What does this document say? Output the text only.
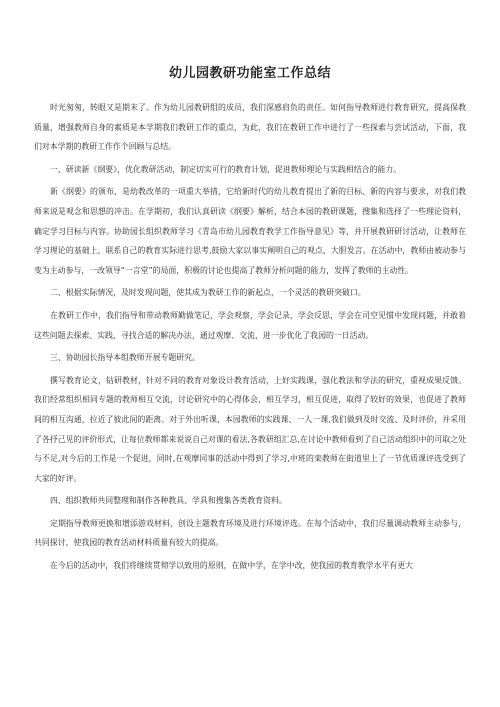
幼儿园教研功能室工作总结

时光匆匆，转眼又是期末了。作为幼儿园教研组的成员，我们深感肩负的责任。如何指导教师进行教育研究，提高保教质量，增强教师自身的素质是本学期我们教研工作的重点，为此，我们在教研工作中进行了一些探索与尝试活动，下面，我们对本学期的教研工作作个回顾与总结。

一、研读新《纲要》，优化教研活动，制定切实可行的教育计划，促进教师理论与实践相结合的能力。

新《纲要》的颁布，是幼教改革的一项重大举措，它给新时代的幼儿教育提出了新的目标、新的内容与要求，对我们教师来说是观念和思想的冲击。在学期初，我们认真研读《纲要》解析，结合本园的教研课题，搜集和选择了一些理论资料，确定学习目标与内容。协助园长组织教师学习《青岛市幼儿园教育教学工作指导意见》等，并开展教研研讨活动，让教师在学习理论的基础上，联系自己的教育实际进行思考,鼓励大家以事实阐明自己的观点，大胆发言。在活动中，教师由被动参与变为主动参与，一改领导“一言堂”的局面，积极的讨论也提高了教师分析问题的能力，发挥了教师的主动性。

二、根据实际情况，及时发现问题，使其成为教研工作的新起点，一个灵活的教研突破口。

在教研工作中，我们指导和带动教师勤做笔记，学会观察，学会记录，学会反思，学会在司空见惯中发现问题，并敢着这些问题去探索、实践，寻找合适的解决办法，通过观摩、交流，进一步优化了我园的一日活动。

三、协助园长指导本组教师开展专题研究。

撰写教育论文，钻研教材，针对不同的教育对象设计教育活动，上好实践课，强化教法和学法的研究，重视成果反馈。我们经常组织相同专题的教师相互交流，讨论研究中的心得体会，相互学习，相互促进，取得了较好的效果，也促进了教师间的相互沟通，拉近了彼此间的距离。对于外出听课、本园教师的实践课、一人一课,我们做到及时交流、及时评价，并采用了各抒己见的评价形式，让每位教师都来说说自己对课的看法,各教研组汇总,在讨论中教师看到了自己活动组织中的可取之处与不足,对今后的工作是一个促进，同时,在观摩同事的活动中得到了学习,中班的栾教师在街道里上了一节优质课评选受到了大家的好评。

四、组织教师共同整理和制作各种教具、学具和搜集各类教育资料。

定期指导教师更换和增添游戏材料，创设主题教育环境及进行环境评选。在每个活动中，我们尽量调动教师主动参与，共同探讨，使我园的教育活动材料质量有较大的提高。

在今后的活动中，我们将继续贯彻学以致用的原则，在做中学，在学中改，使我园的教育教学水平有更大
